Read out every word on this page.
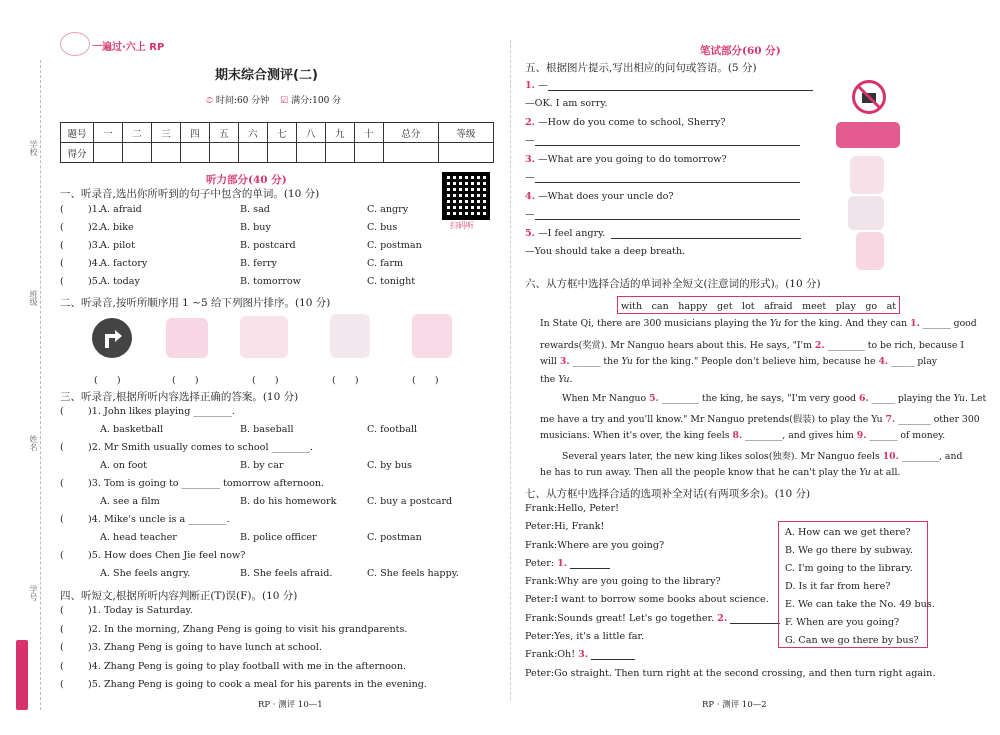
学校
班级
姓名
学号
一遍过·六上 RP
期末综合测评(二)
⏲ 时间:60 分钟 ☑ 满分:100 分
题号	一	二	三	四	五	六	七	八	九	十	总分	等级
得分												
听力部分(40 分)
扫码听
一、听录音,选出你所听到的句子中包含的单词。(10 分)
(	)1. A. afraid	B. sad	C. angry
(	)2. A. bike	B. buy	C. bus
(	)3. A. pilot	B. postcard	C. postman
(	)4. A. factory	B. ferry	C. farm
(	)5. A. today	B. tomorrow	C. tonight
二、听录音,按听所顺序用 1 ~5 给下列图片排序。(10 分)
(　　)	(　　)	(　　)	(　　)	(　　)
三、听录音,根据所听内容选择正确的答案。(10 分)
(	)1. John likes playing ________.
A. basketball	B. baseball	C. football
(	)2. Mr Smith usually comes to school ________.
A. on foot	B. by car	C. by bus
(	)3. Tom is going to ________ tomorrow afternoon.
A. see a film	B. do his homework	C. buy a postcard
(	)4. Mike's uncle is a ________.
A. head teacher	B. police officer	C. postman
(	)5. How does Chen Jie feel now?
A. She feels angry.	B. She feels afraid.	C. She feels happy.
四、听短文,根据所听内容判断正(T)误(F)。(10 分)
(	)1. Today is Saturday.
(	)2. In the morning, Zhang Peng is going to visit his grandparents.
(	)3. Zhang Peng is going to have lunch at school.
(	)4. Zhang Peng is going to play football with me in the afternoon.
(	)5. Zhang Peng is going to cook a meal for his parents in the evening.
RP · 测评 10—1
笔试部分(60 分)
五、根据图片提示,写出相应的问句或答语。(5 分)
1. —
—OK. I am sorry.
2. —How do you come to school, Sherry?
—
3. —What are you going to do tomorrow?
—
4. —What does your uncle do?
—
5. —I feel angry.
—You should take a deep breath.
六、从方框中选择合适的单词补全短文(注意词的形式)。(10 分)
with　can　happy　get　lot　afraid　meet　play　go　at
In State Qi, there are 300 musicians playing the Yu for the king. And they can 1. ______ good
rewards(奖赏). Mr Nanguo hears about this. He says, "I'm 2. ________ to be rich, because I
will 3. ______ the Yu for the king." People don't believe him, because he 4. _____ play
the Yu.
When Mr Nanguo 5. ________ the king, he says, "I'm very good 6. _____ playing the Yu. Let
me have a try and you'll know." Mr Nanguo pretends(假装) to play the Yu 7. _______ other 300
musicians. When it's over, the king feels 8. ________, and gives him 9. ______ of money.
Several years later, the new king likes solos(独奏). Mr Nanguo feels 10. ________, and
he has to run away. Then all the people know that he can't play the Yu at all.
七、从方框中选择合适的选项补全对话(有两项多余)。(10 分)
Frank:Hello, Peter!
Peter:Hi, Frank!
Frank:Where are you going?
Peter: 1.
Frank:Why are you going to the library?
Peter:I want to borrow some books about science.
Frank:Sounds great! Let's go together. 2.
Peter:Yes, it's a little far.
Frank:Oh! 3.
Peter:Go straight. Then turn right at the second crossing, and then turn right again.
A. How can we get there?
B. We go there by subway.
C. I'm going to the library.
D. Is it far from here?
E. We can take the No. 49 bus.
F. When are you going?
G. Can we go there by bus?
RP · 测评 10—2
